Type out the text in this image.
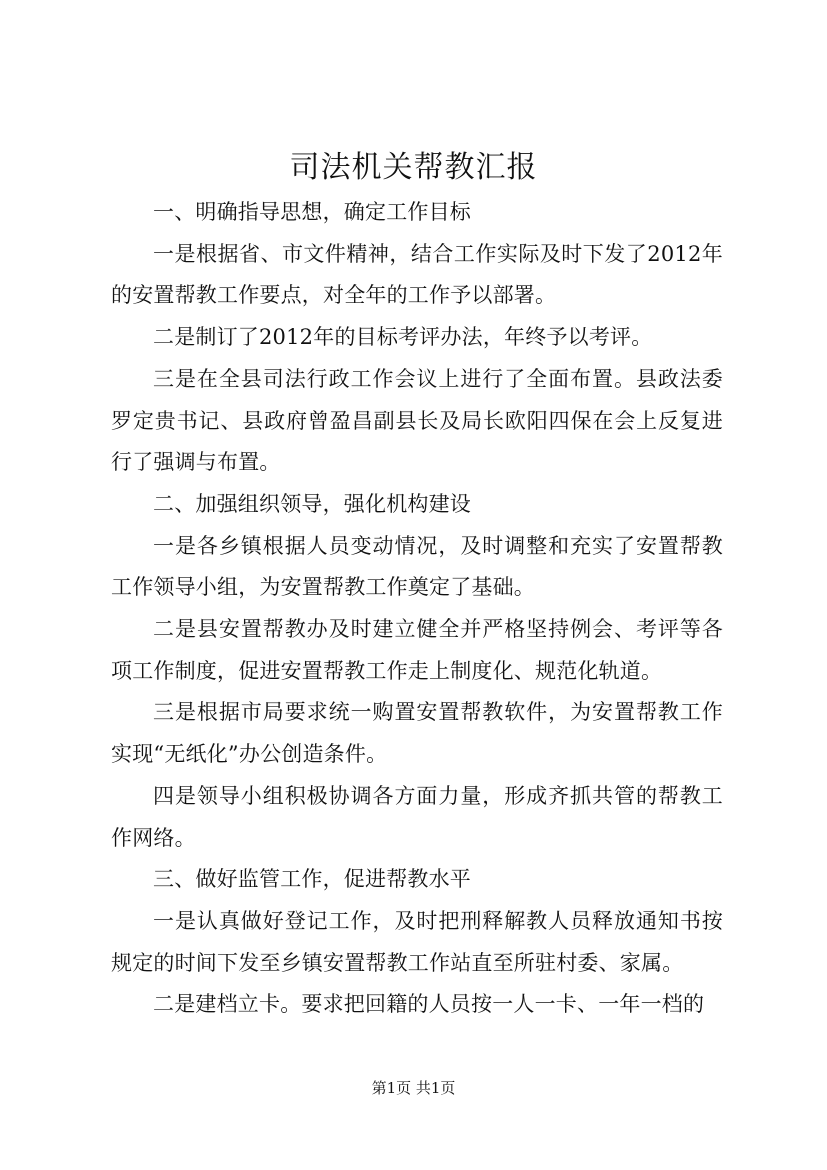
司法机关帮教汇报

一、明确指导思想，确定工作目标

一是根据省、市文件精神，结合工作实际及时下发了2012年的安置帮教工作要点，对全年的工作予以部署。

二是制订了2012年的目标考评办法，年终予以考评。

三是在全县司法行政工作会议上进行了全面布置。县政法委罗定贵书记、县政府曾盈昌副县长及局长欧阳四保在会上反复进行了强调与布置。

二、加强组织领导，强化机构建设

一是各乡镇根据人员变动情况，及时调整和充实了安置帮教工作领导小组，为安置帮教工作奠定了基础。

二是县安置帮教办及时建立健全并严格坚持例会、考评等各项工作制度，促进安置帮教工作走上制度化、规范化轨道。

三是根据市局要求统一购置安置帮教软件，为安置帮教工作实现“无纸化”办公创造条件。

四是领导小组积极协调各方面力量，形成齐抓共管的帮教工作网络。

三、做好监管工作，促进帮教水平

一是认真做好登记工作，及时把刑释解教人员释放通知书按规定的时间下发至乡镇安置帮教工作站直至所驻村委、家属。

二是建档立卡。要求把回籍的人员按一人一卡、一年一档的

第1页 共1页
